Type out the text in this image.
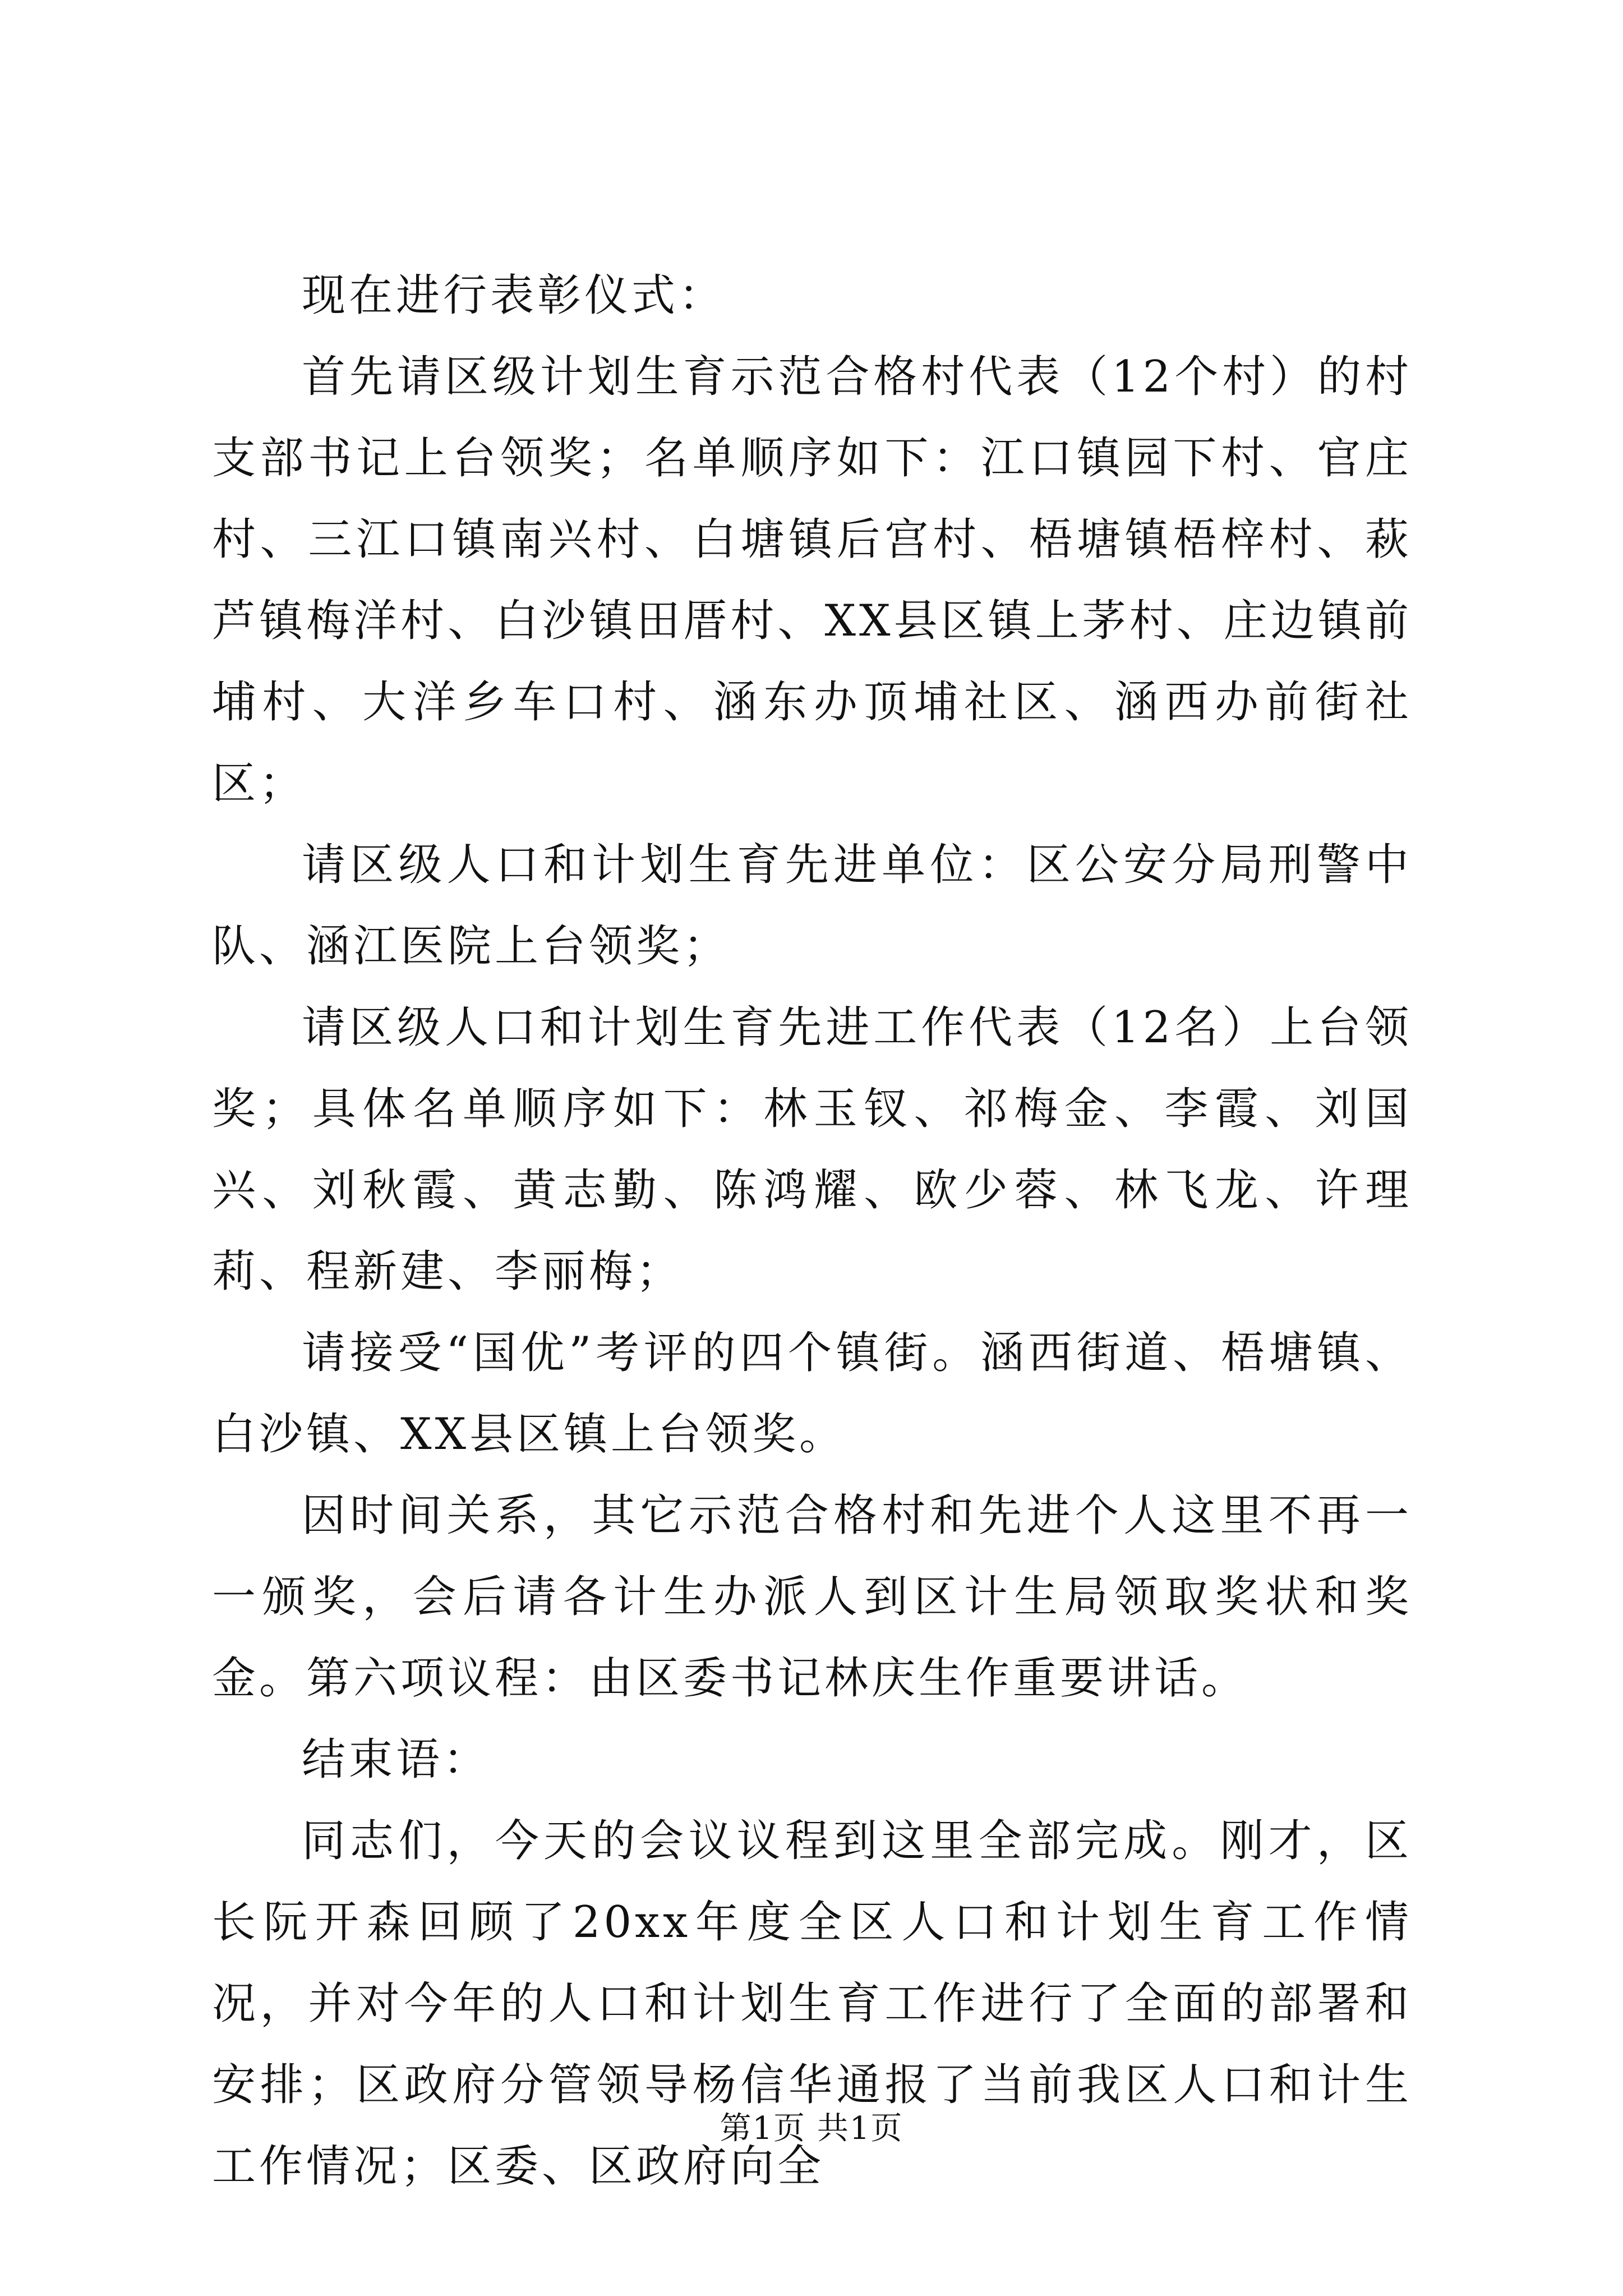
现在进行表彰仪式：

首先请区级计划生育示范合格村代表（12个村）的村支部书记上台领奖；名单顺序如下：江口镇园下村、官庄村、三江口镇南兴村、白塘镇后宫村、梧塘镇梧梓村、萩芦镇梅洋村、白沙镇田厝村、XX县区镇上茅村、庄边镇前埔村、大洋乡车口村、涵东办顶埔社区、涵西办前街社区；

请区级人口和计划生育先进单位：区公安分局刑警中队、涵江医院上台领奖；

请区级人口和计划生育先进工作代表（12名）上台领奖；具体名单顺序如下：林玉钗、祁梅金、李霞、刘国兴、刘秋霞、黄志勤、陈鸿耀、欧少蓉、林飞龙、许理莉、程新建、李丽梅；

请接受“国优”考评的四个镇街。涵西街道、梧塘镇、白沙镇、XX县区镇上台领奖。

因时间关系，其它示范合格村和先进个人这里不再一一颁奖，会后请各计生办派人到区计生局领取奖状和奖金。第六项议程：由区委书记林庆生作重要讲话。

结束语：

同志们，今天的会议议程到这里全部完成。刚才，区长阮开森回顾了20xx年度全区人口和计划生育工作情况，并对今年的人口和计划生育工作进行了全面的部署和安排；区政府分管领导杨信华通报了当前我区人口和计生工作情况；区委、区政府向全

第1页 共1页
